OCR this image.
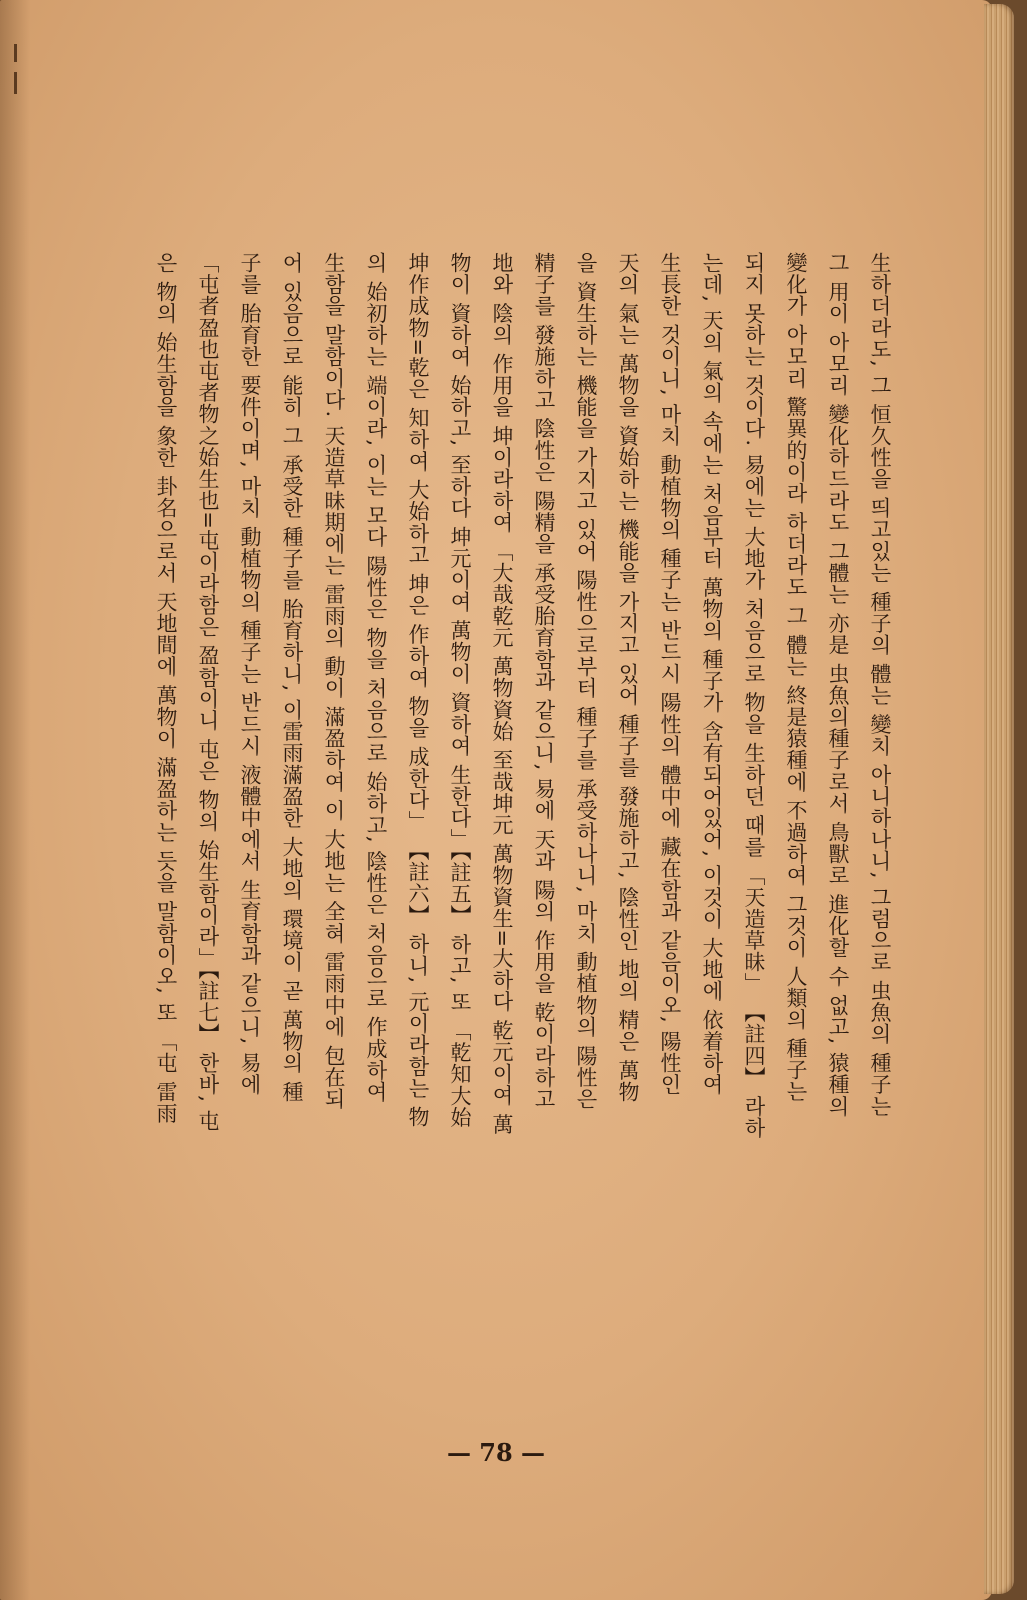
生하더라도, 그 恒久性을 띄고있는 種子의 體는 變치 아니하나니, 그럼으로 虫魚의 種子는
그 用이 아모리 變化하드라도 그體는 亦是 虫魚의種子로서 鳥獸로 進化할 수 없고, 猿種의
變化가 아모리 驚異的이라 하더라도 그 體는 終是猿種에 不過하여 그것이 人類의 種子는
되지 못하는 것이다. 易에는 大地가 처음으로 物을 生하던 때를 「天造草昧」 【註四】 라하
는데, 天의 氣의 속에는 처음부터 萬物의 種子가 含有되어있어, 이것이 大地에 依着하여
生長한 것이니, 마치 動植物의 種子는 반드시 陽性의 體中에 藏在함과 같음이오, 陽性인
天의 氣는 萬物을 資始하는 機能을 가지고 있어 種子를 發施하고, 陰性인 地의 精은 萬物
을 資生하는 機能을 가지고 있어 陽性으로부터 種子를 承受하나니, 마치 動植物의 陽性은
精子를 發施하고 陰性은 陽精을 承受胎育함과 같으니, 易에 天과 陽의 作用을 乾이라하고
地와 陰의 作用을 坤이라하여 「大哉乾元 萬物資始 至哉坤元 萬物資生=大하다 乾元이여 萬
物이 資하여 始하고, 至하다 坤元이여 萬物이 資하여 生한다」【註五】 하고, 또 「乾知大始
坤作成物=乾은 知하여 大始하고 坤은 作하여 物을 成한다」 【註六】 하니, 元이라함는 物
의 始初하는 端이라, 이는 모다 陽性은 物을 처음으로 始하고, 陰性은 처음으로 作成하여
生함을 말함이다. 天造草昧期에는 雷雨의 動이 滿盈하여 이 大地는 全혀 雷雨中에 包在되
어 있음으로 能히 그 承受한 種子를 胎育하니, 이雷雨滿盈한 大地의 環境이 곧 萬物의 種
子를 胎育한 要件이며, 마치 動植物의 種子는 반드시 液體中에서 生育함과 같으니, 易에
「屯者盈也屯者物之始生也=屯이라함은 盈함이니 屯은 物의 始生함이라」【註七】 한바, 屯
은 物의 始生함을 象한 卦名으로서 天地間에 萬物이 滿盈하는 듯을 말함이오, 또 「屯 雷雨
— 78 —
